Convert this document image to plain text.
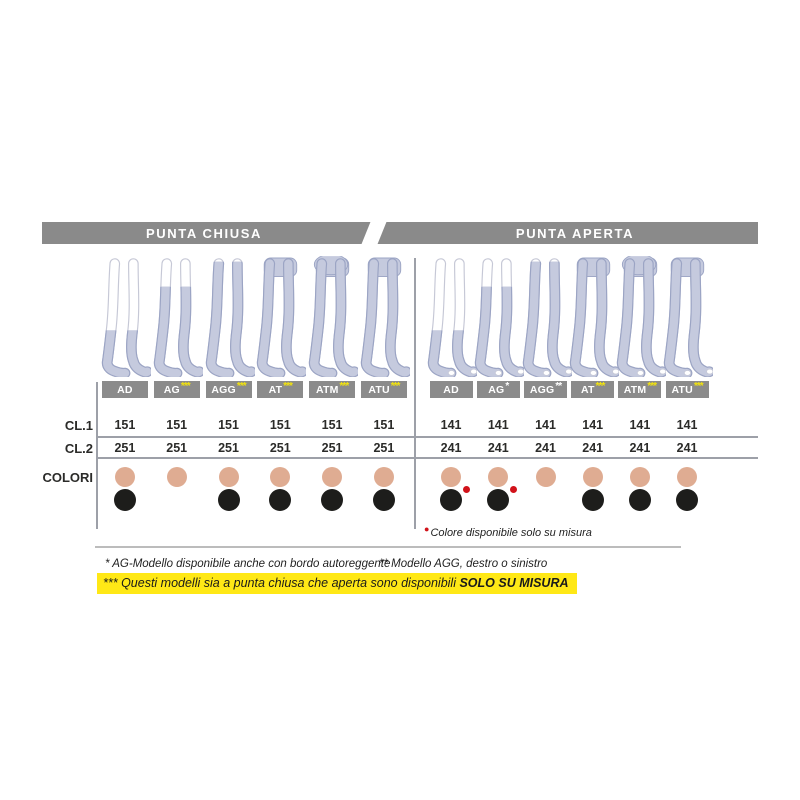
PUNTA CHIUSA	PUNTA APERTA
CL.1
CL.2
COLORI
AD
151
251
AG ***
151
251
AGG ***
151
251
AT ***
151
251
ATM ***
151
251
ATU ***
151
251
AD
141
241
AG *
141
241
AGG **
141
241
AT ***
141
241
ATM ***
141
241
ATU ***
141
241
●Colore disponibile solo su misura
* AG-Modello disponibile anche con bordo autoreggente
** Modello AGG, destro o sinistro
*** Questi modelli sia a punta chiusa che aperta sono disponibili SOLO SU MISURA
